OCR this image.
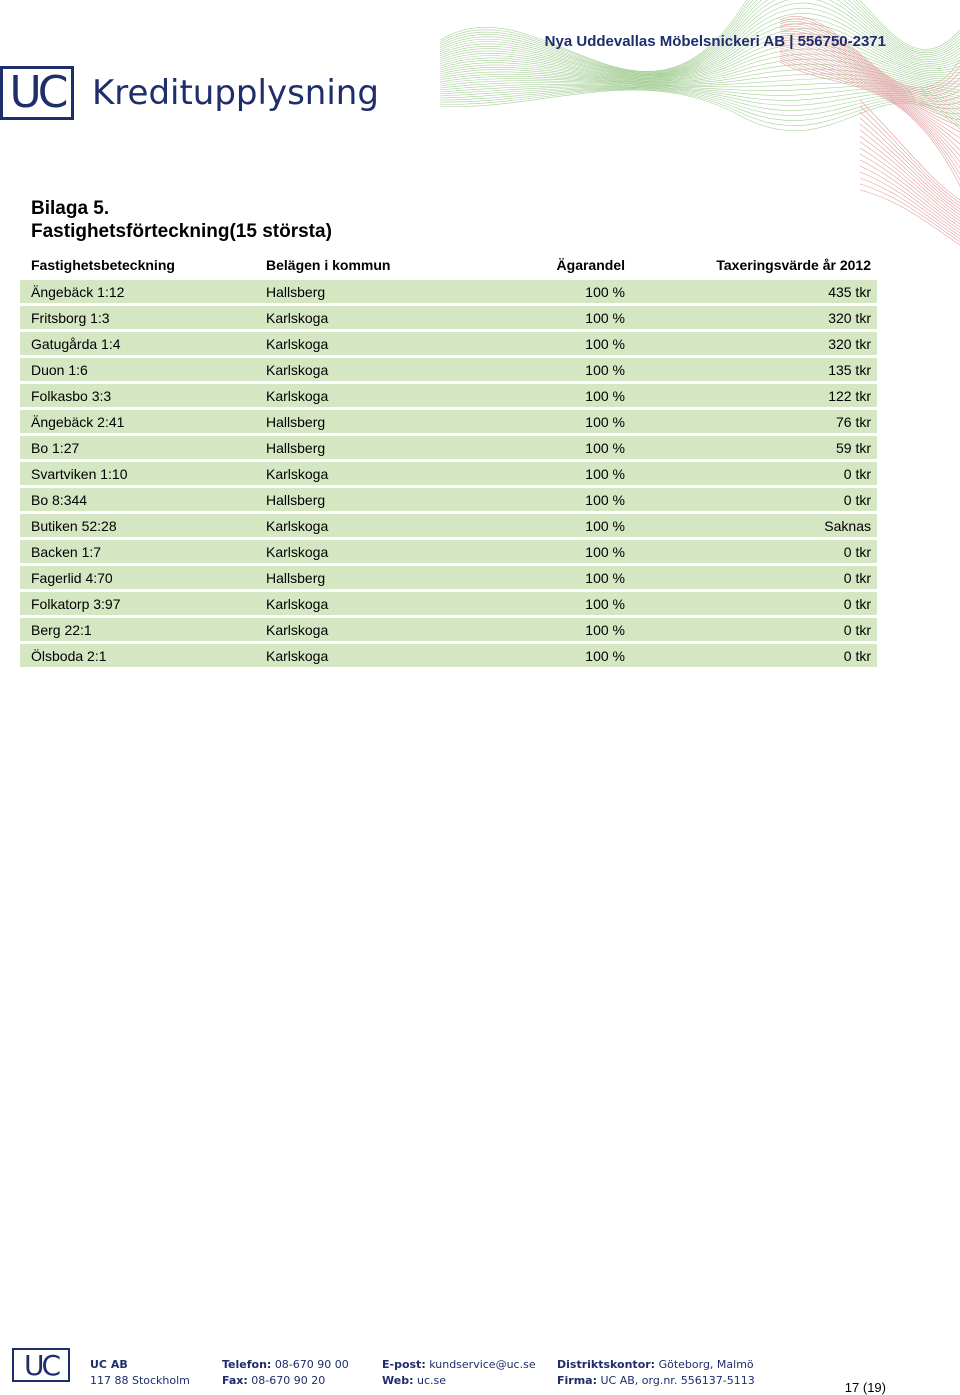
Nya Uddevallas Möbelsnickeri AB | 556750-2371
UC Kreditupplysning
Bilaga 5.
Fastighetsförteckning(15 största)
Fastighetsbeteckning	Belägen i kommun	Ägarandel	Taxeringsvärde år 2012
Ängebäck 1:12	Hallsberg	100 %	435 tkr
Fritsborg 1:3	Karlskoga	100 %	320 tkr
Gatugårda 1:4	Karlskoga	100 %	320 tkr
Duon 1:6	Karlskoga	100 %	135 tkr
Folkasbo 3:3	Karlskoga	100 %	122 tkr
Ängebäck 2:41	Hallsberg	100 %	76 tkr
Bo 1:27	Hallsberg	100 %	59 tkr
Svartviken 1:10	Karlskoga	100 %	0 tkr
Bo 8:344	Hallsberg	100 %	0 tkr
Butiken 52:28	Karlskoga	100 %	Saknas
Backen 1:7	Karlskoga	100 %	0 tkr
Fagerlid 4:70	Hallsberg	100 %	0 tkr
Folkatorp 3:97	Karlskoga	100 %	0 tkr
Berg 22:1	Karlskoga	100 %	0 tkr
Ölsboda 2:1	Karlskoga	100 %	0 tkr
UC	UC AB
117 88 Stockholm
Telefon: 08-670 90 00
Fax: 08-670 90 20
E-post: kundservice@uc.se
Web: uc.se
Distriktskontor: Göteborg, Malmö
Firma: UC AB, org.nr. 556137-5113	17 (19)
